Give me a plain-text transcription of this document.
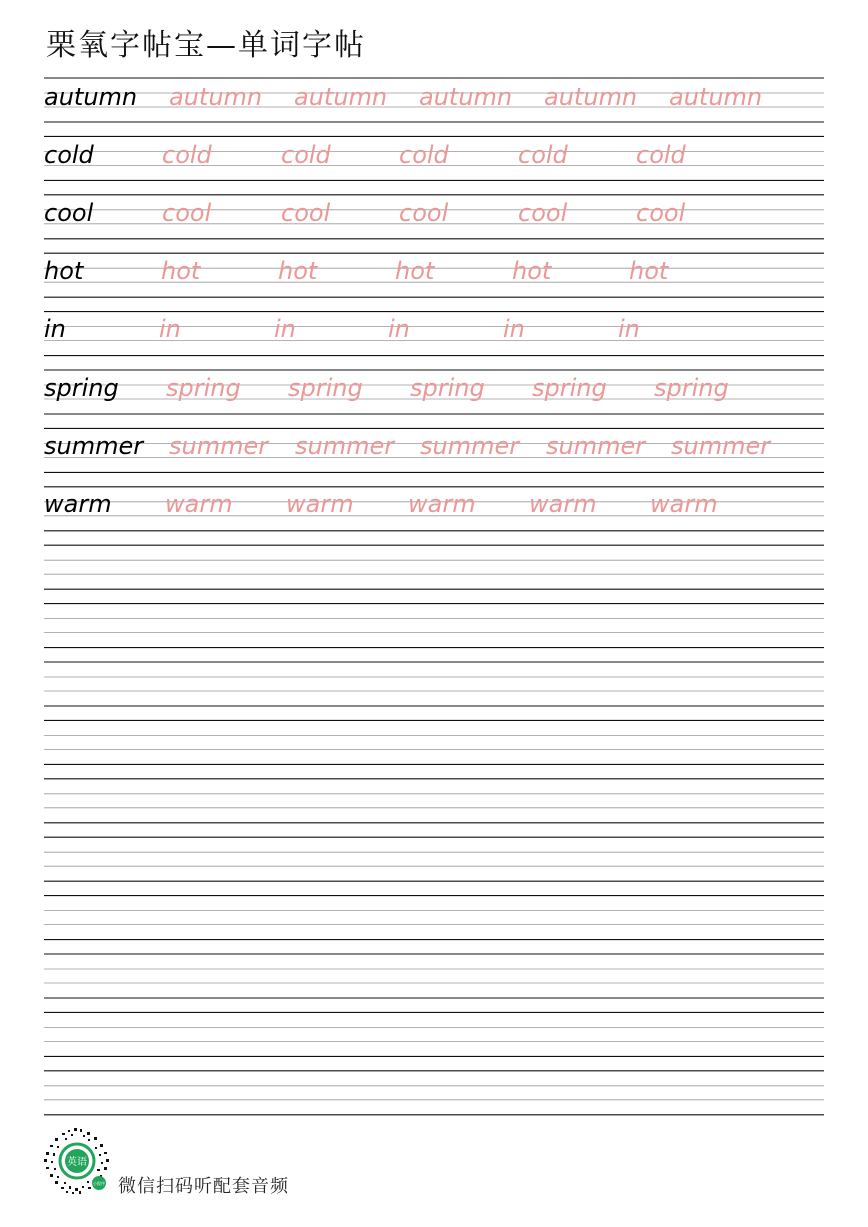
栗氧字帖宝—单词字帖
autumn autumn autumn autumn autumn autumn
cold	cold	cold	cold	cold	cold
cool	cool	cool	cool	cool	cool
hot	hot	hot	hot	hot	hot
in	in	in	in	in	in
spring spring spring spring spring spring
summer summer summer summer summer summer
warm warm warm warm warm warm
英语
小程序 微信扫码听配套音频
